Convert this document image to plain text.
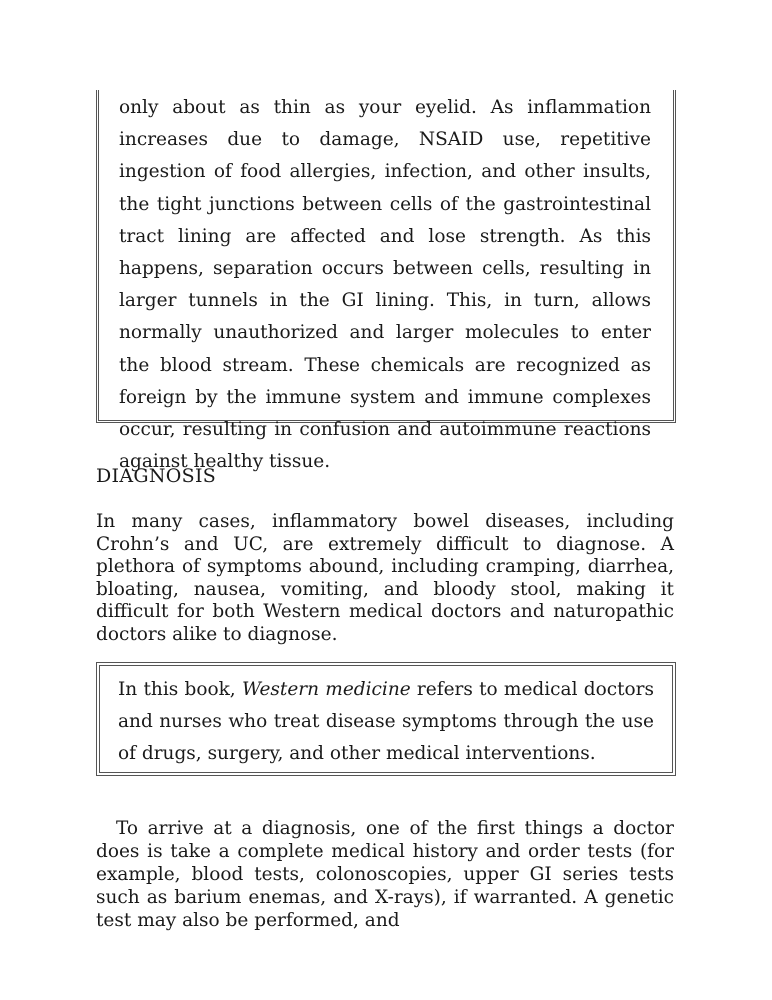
only about as thin as your eyelid. As inflammation increases due to damage, NSAID use, repetitive ingestion of food allergies, infection, and other insults, the tight junctions between cells of the gastrointestinal tract lining are affected and lose strength. As this happens, separation occurs between cells, resulting in larger tunnels in the GI lining. This, in turn, allows normally unauthorized and larger molecules to enter the blood stream. These chemicals are recognized as foreign by the immune system and immune complexes occur, resulting in confusion and autoimmune reactions against healthy tissue.

DIAGNOSIS

In many cases, inflammatory bowel diseases, including Crohn’s and UC, are extremely difficult to diagnose. A plethora of symptoms abound, including cramping, diarrhea, bloating, nausea, vomiting, and bloody stool, making it difficult for both Western medical doctors and naturopathic doctors alike to diagnose.

In this book, Western medicine refers to medical doctors and nurses who treat disease symptoms through the use of drugs, surgery, and other medical interventions.

To arrive at a diagnosis, one of the first things a doctor does is take a complete medical history and order tests (for example, blood tests, colonoscopies, upper GI series tests such as barium enemas, and X-rays), if warranted. A genetic test may also be performed, and
